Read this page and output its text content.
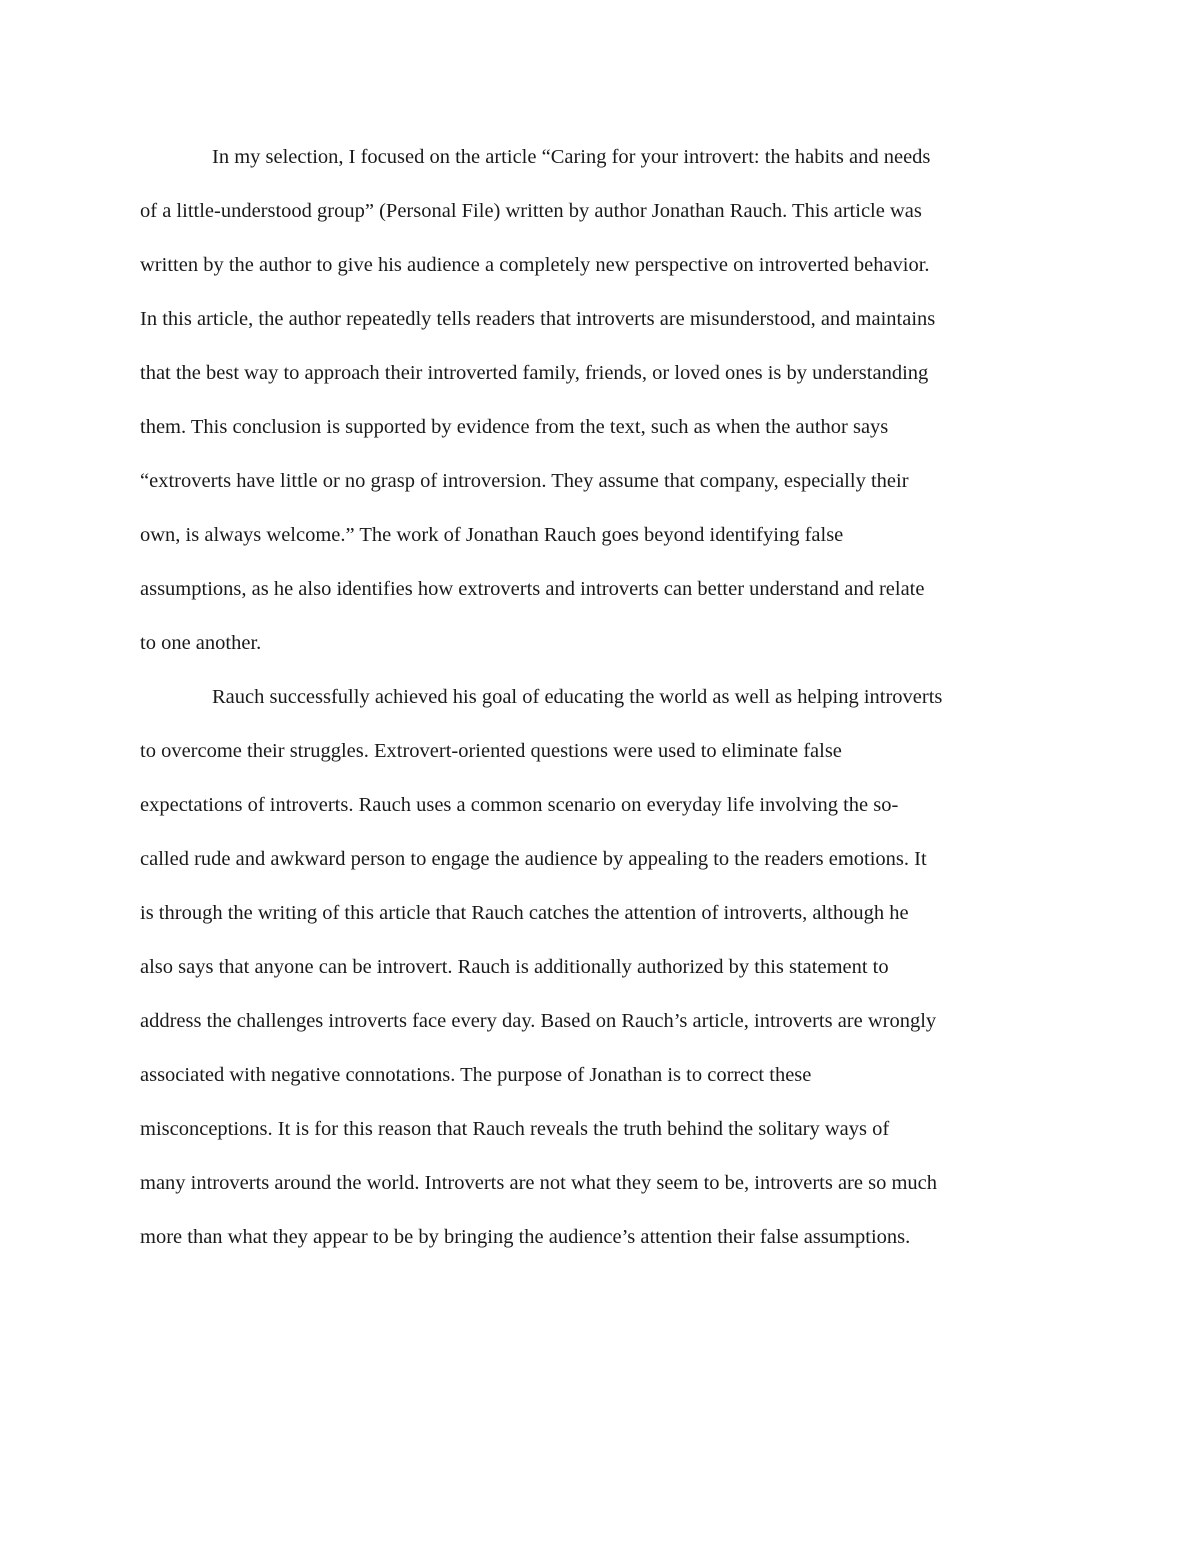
In my selection, I focused on the article “Caring for your introvert: the habits and needs
of a little-understood group” (Personal File) written by author Jonathan Rauch. This article was
written by the author to give his audience a completely new perspective on introverted behavior.
In this article, the author repeatedly tells readers that introverts are misunderstood, and maintains
that the best way to approach their introverted family, friends, or loved ones is by understanding
them. This conclusion is supported by evidence from the text, such as when the author says
“extroverts have little or no grasp of introversion. They assume that company, especially their
own, is always welcome.” The work of Jonathan Rauch goes beyond identifying false
assumptions, as he also identifies how extroverts and introverts can better understand and relate
to one another.

Rauch successfully achieved his goal of educating the world as well as helping introverts
to overcome their struggles. Extrovert-oriented questions were used to eliminate false
expectations of introverts. Rauch uses a common scenario on everyday life involving the so-
called rude and awkward person to engage the audience by appealing to the readers emotions. It
is through the writing of this article that Rauch catches the attention of introverts, although he
also says that anyone can be introvert. Rauch is additionally authorized by this statement to
address the challenges introverts face every day. Based on Rauch’s article, introverts are wrongly
associated with negative connotations. The purpose of Jonathan is to correct these
misconceptions. It is for this reason that Rauch reveals the truth behind the solitary ways of
many introverts around the world. Introverts are not what they seem to be, introverts are so much
more than what they appear to be by bringing the audience’s attention their false assumptions.
